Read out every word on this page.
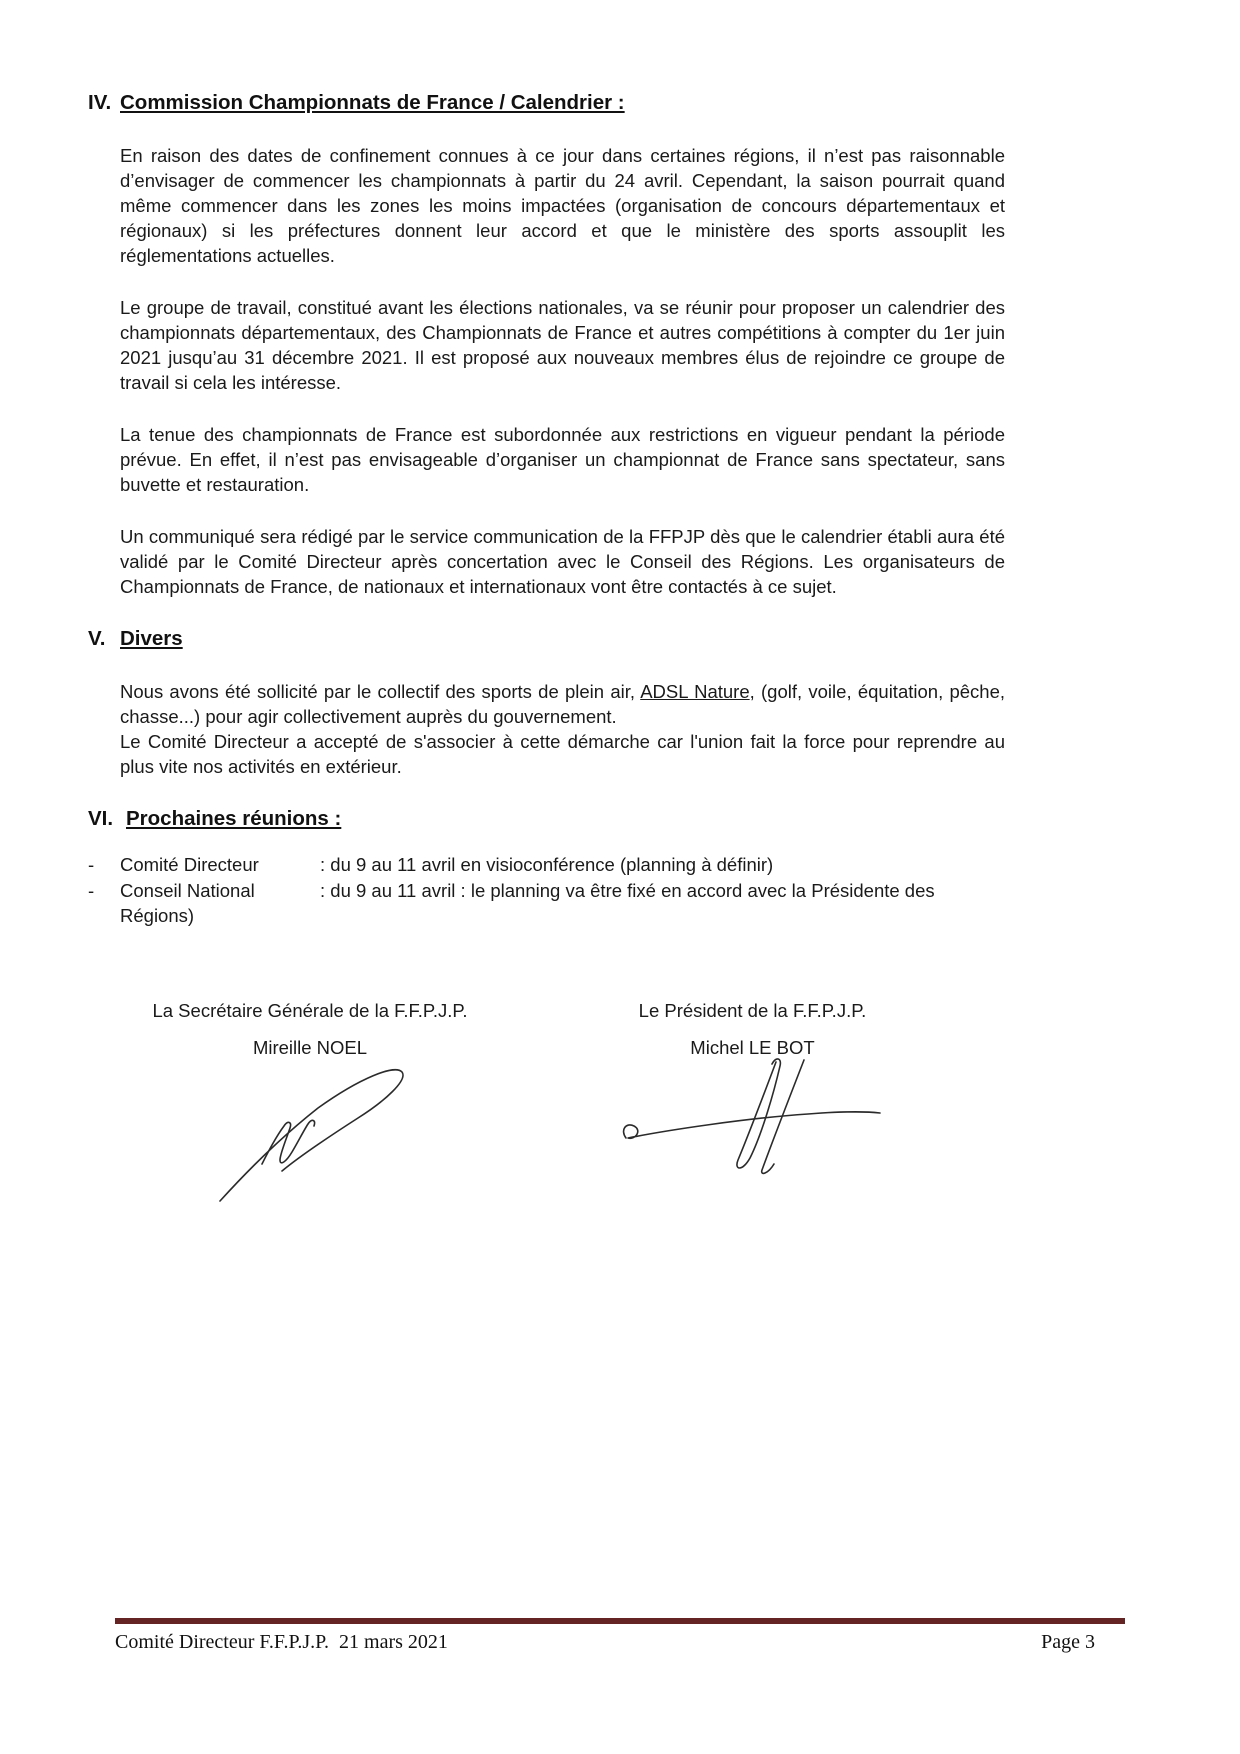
IV. Commission Championnats de France / Calendrier :

En raison des dates de confinement connues à ce jour dans certaines régions, il n’est pas raisonnable d’envisager de commencer les championnats à partir du 24 avril. Cependant, la saison pourrait quand même commencer dans les zones les moins impactées (organisation de concours départementaux et régionaux) si les préfectures donnent leur accord et que le ministère des sports assouplit les réglementations actuelles.

Le groupe de travail, constitué avant les élections nationales, va se réunir pour proposer un calendrier des championnats départementaux, des Championnats de France et autres compétitions à compter du 1er juin 2021 jusqu’au 31 décembre 2021. Il est proposé aux nouveaux membres élus de rejoindre ce groupe de travail si cela les intéresse.

La tenue des championnats de France est subordonnée aux restrictions en vigueur pendant la période prévue. En effet, il n’est pas envisageable d’organiser un championnat de France sans spectateur, sans buvette et restauration.

Un communiqué sera rédigé par le service communication de la FFPJP dès que le calendrier établi aura été validé par le Comité Directeur après concertation avec le Conseil des Régions. Les organisateurs de Championnats de France, de nationaux et internationaux vont être contactés à ce sujet.

V. Divers

Nous avons été sollicité par le collectif des sports de plein air, ADSL Nature, (golf, voile, équitation, pêche, chasse...) pour agir collectivement auprès du gouvernement.

Le Comité Directeur a accepté de s'associer à cette démarche car l'union fait la force pour reprendre au plus vite nos activités en extérieur.

VI. Prochaines réunions :
- Comité Directeur	: du 9 au 11 avril en visioconférence (planning à définir)
- Conseil National	: du 9 au 11 avril : le planning va être fixé en accord avec la Présidente des Régions)
La Secrétaire Générale de la F.F.P.J.P.
Mireille NOEL
Le Président de la F.F.P.J.P.
Michel LE BOT
Comité Directeur F.F.P.J.P.  21 mars 2021	Page 3
